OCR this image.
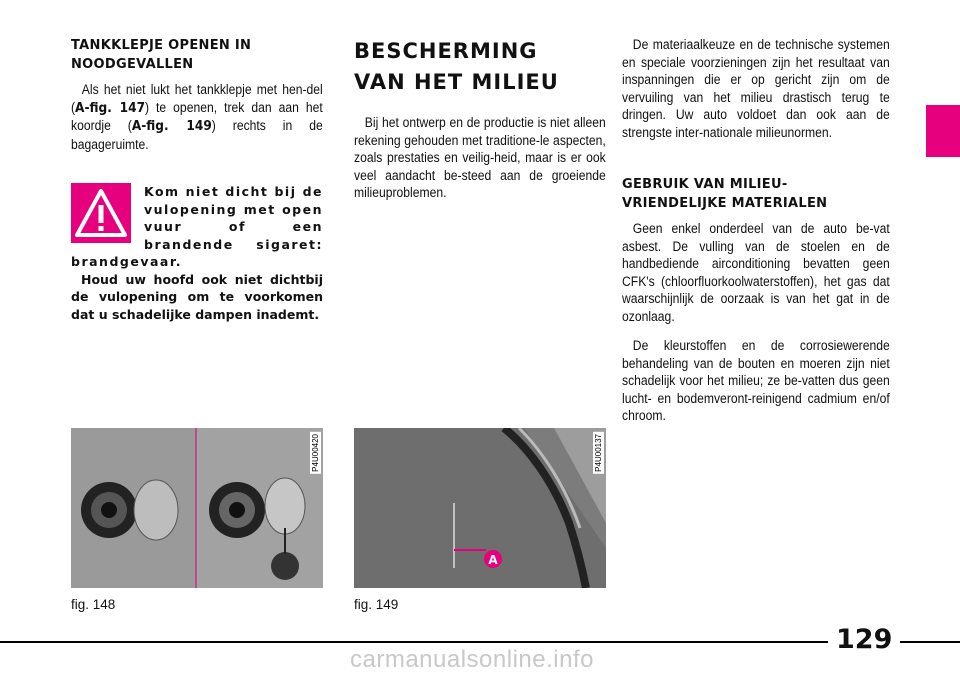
TANKKLEPJE OPENEN IN NOODGEVALLEN

Als het niet lukt het tankklepje met hen-del (A-fig. 147) te openen, trek dan aan het koordje (A-fig. 149) rechts in de bagageruimte.

Kom niet dicht bij de vulopening met open vuur of een brandende sigaret: brandgevaar.
Houd uw hoofd ook niet dichtbij de vulopening om te voorkomen dat u schadelijke dampen inademt.
BESCHERMING VAN HET MILIEU

Bij het ontwerp en de productie is niet alleen rekening gehouden met traditione-le aspecten, zoals prestaties en veilig-heid, maar is er ook veel aandacht be-steed aan de groeiende milieuproblemen.

De materiaalkeuze en de technische systemen en speciale voorzieningen zijn het resultaat van inspanningen die er op gericht zijn om de vervuiling van het milieu drastisch terug te dringen. Uw auto voldoet dan ook aan de strengste inter-nationale milieunormen.

GEBRUIK VAN MILIEU-VRIENDELIJKE MATERIALEN

Geen enkel onderdeel van de auto be-vat asbest. De vulling van de stoelen en de handbediende airconditioning bevatten geen CFK's (chloorfluorkoolwaterstoffen), het gas dat waarschijnlijk de oorzaak is van het gat in de ozonlaag.

De kleurstoffen en de corrosiewerende behandeling van de bouten en moeren zijn niet schadelijk voor het milieu; ze be-vatten dus geen lucht- en bodemveront-reinigend cadmium en/of chroom.

P4U00420
fig. 148
A
P4U00137
fig. 149
129
carmanualsonline.info
